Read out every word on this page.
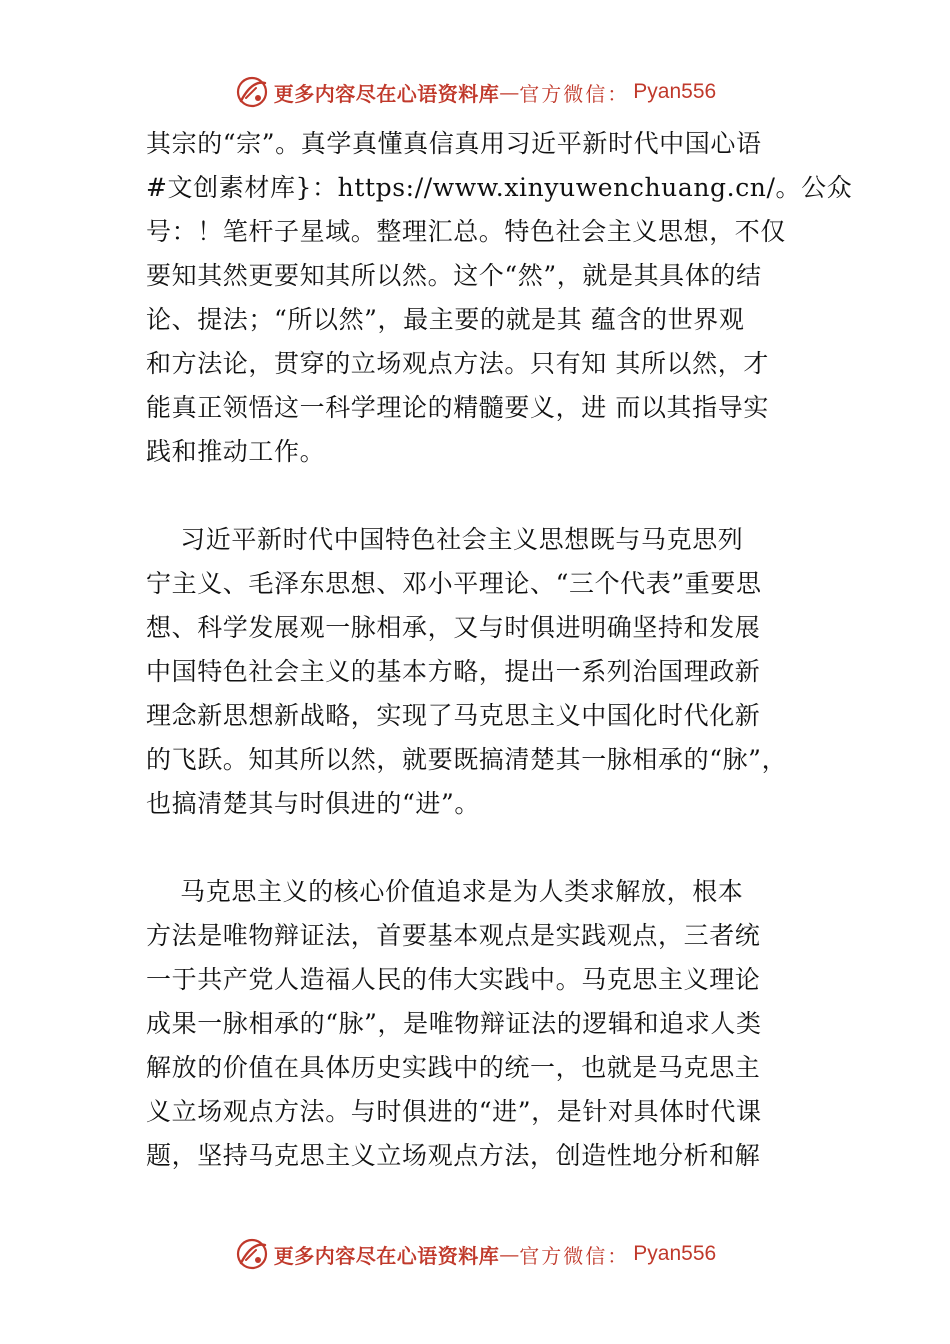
更多内容尽在心语资料库 — 官方微信： Pyan556
其宗的“宗”。真学真懂真信真用习近平新时代中国心语
#文创素材库}：https://www.xinyuwenchuang.cn/。公众
号：！笔杆子星域。整理汇总。特色社会主义思想，不仅
要知其然更要知其所以然。这个“然”，就是其具体的结
论、提法；“所以然”，最主要的就是其 蕴含的世界观
和方法论，贯穿的立场观点方法。只有知 其所以然，才
能真正领悟这一科学理论的精髓要义，进 而以其指导实
践和推动工作。
习近平新时代中国特色社会主义思想既与马克思列
宁主义、毛泽东思想、邓小平理论、“三个代表”重要思
想、科学发展观一脉相承，又与时俱进明确坚持和发展
中国特色社会主义的基本方略，提出一系列治国理政新
理念新思想新战略，实现了马克思主义中国化时代化新
的飞跃。知其所以然，就要既搞清楚其一脉相承的“脉”，
也搞清楚其与时俱进的“进”。
马克思主义的核心价值追求是为人类求解放，根本
方法是唯物辩证法，首要基本观点是实践观点，三者统
一于共产党人造福人民的伟大实践中。马克思主义理论
成果一脉相承的“脉”，是唯物辩证法的逻辑和追求人类
解放的价值在具体历史实践中的统一，也就是马克思主
义立场观点方法。与时俱进的“进”，是针对具体时代课
题，坚持马克思主义立场观点方法，创造性地分析和解
更多内容尽在心语资料库 — 官方微信： Pyan556
